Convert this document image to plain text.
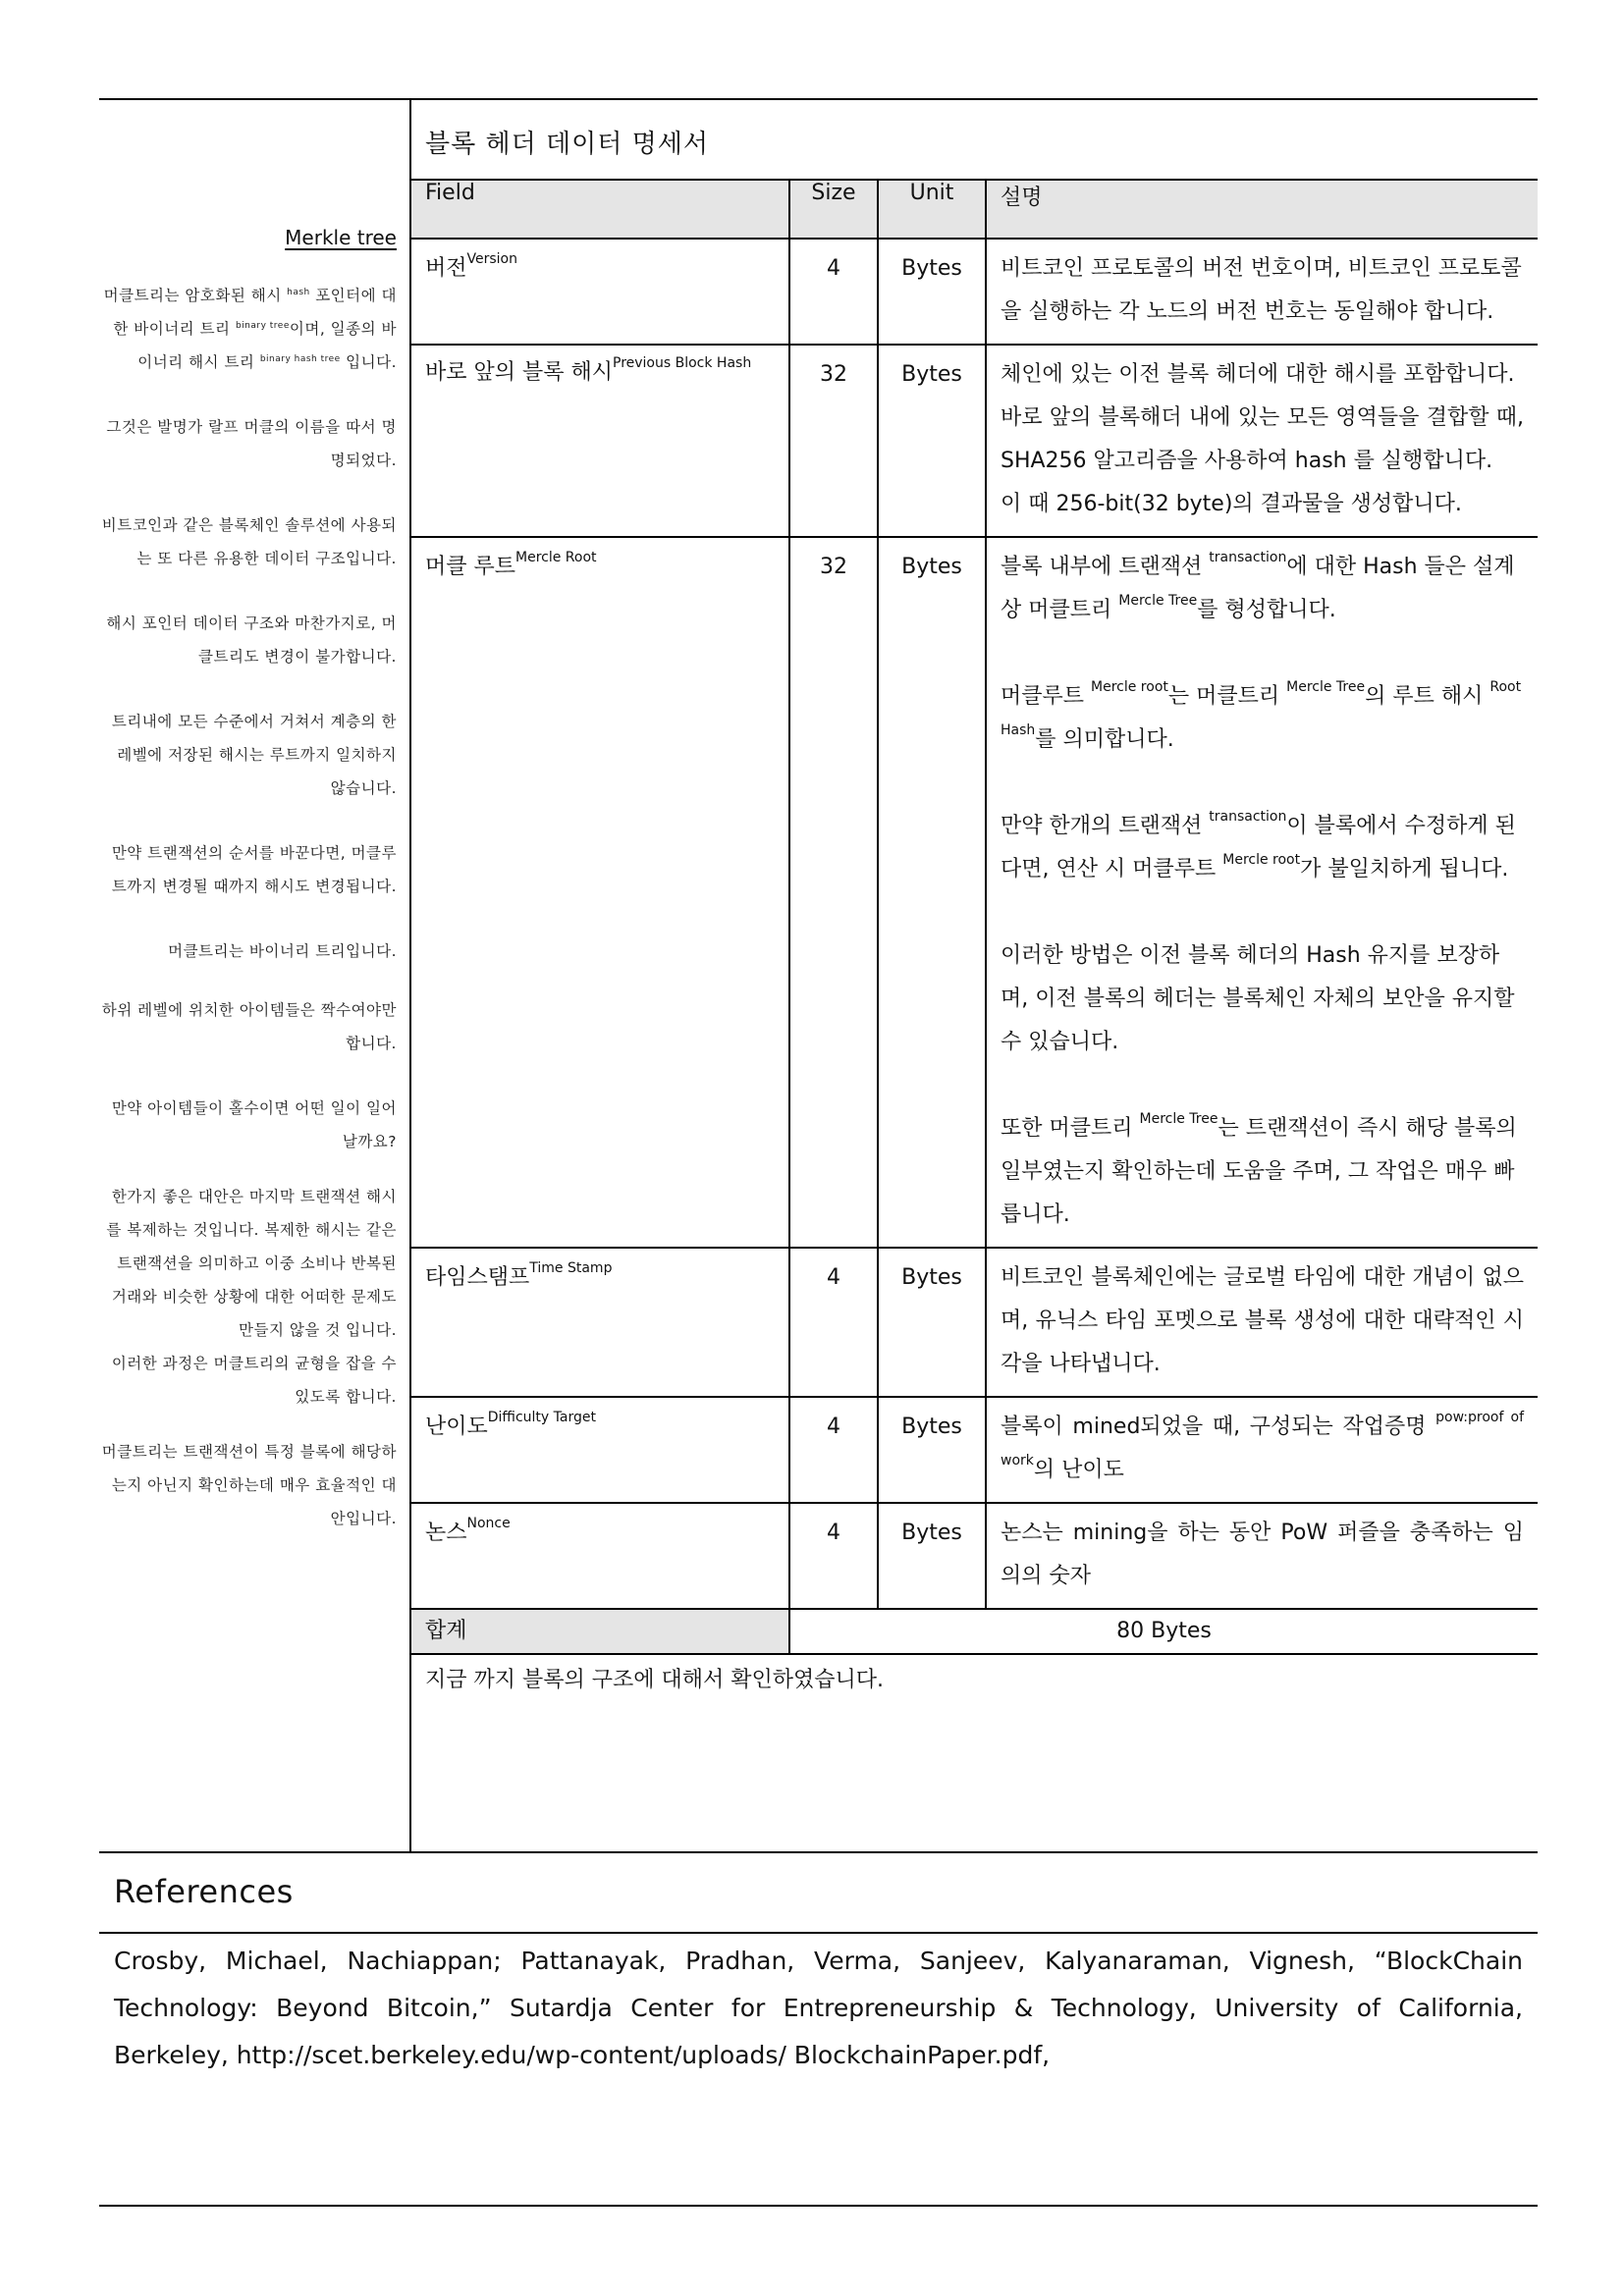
Merkle tree

머클트리는 암호화된 해시 $^{hash}$ 포인터에 대한 바이너리 트리 $^{binary tree}$이며, 일종의 바이너리 해시 트리 $^{binary hash tree}$ 입니다.

그것은 발명가 랄프 머클의 이름을 따서 명명되었다.

비트코인과 같은 블록체인 솔루션에 사용되는 또 다른 유용한 데이터 구조입니다.

해시 포인터 데이터 구조와 마찬가지로, 머클트리도 변경이 불가합니다.

트리내에 모든 수준에서 거쳐서 계층의 한 레벨에 저장된 해시는 루트까지 일치하지 않습니다.

만약 트랜잭션의 순서를 바꾼다면, 머클루트까지 변경될 때까지 해시도 변경됩니다.

머클트리는 바이너리 트리입니다.

하위 레벨에 위치한 아이템들은 짝수여야만 합니다.

만약 아이템들이 홀수이면 어떤 일이 일어날까요?

한가지 좋은 대안은 마지막 트랜잭션 해시를 복제하는 것입니다. 복제한 해시는 같은 트랜잭션을 의미하고 이중 소비나 반복된 거래와 비슷한 상황에 대한 어떠한 문제도 만들지 않을 것 입니다.

이러한 과정은 머클트리의 균형을 잡을 수 있도록 합니다.

머클트리는 트랜잭션이 특정 블록에 해당하는지 아닌지 확인하는데 매우 효율적인 대안입니다.

블록 헤더 데이터 명세서			

Field	Size	Unit	설명

버전$^{Version}$	4	Bytes	비트코인 프로토콜의 버전 번호이며, 비트코인 프로토콜을 실행하는 각 노드의 버전 번호는 동일해야 합니다.

바로 앞의 블록 해시$^{Previous Block Hash}$	32	Bytes	체인에 있는 이전 블록 헤더에 대한 해시를 포함합니다.

바로 앞의 블록해더 내에 있는 모든 영역들을 결합할 때, SHA256 알고리즘을 사용하여 hash 를 실행합니다.

이 때 256-bit(32 byte)의 결과물을 생성합니다.

머클 루트$^{Mercle Root}$	32	Bytes	블록 내부에 트랜잭션 $^{transaction}$에 대한 Hash 들은 설계상 머클트리 $^{Mercle Tree}$를 형성합니다.

머클루트 $^{Mercle root}$는 머클트리 $^{Mercle Tree}$의 루트 해시 $^{Root Hash}$를 의미합니다.

만약 한개의 트랜잭션 $^{transaction}$이 블록에서 수정하게 된다면, 연산 시 머클루트 $^{Mercle root}$가 불일치하게 됩니다.

이러한 방법은 이전 블록 헤더의 Hash 유지를 보장하며, 이전 블록의 헤더는 블록체인 자체의 보안을 유지할 수 있습니다.

또한 머클트리 $^{Mercle Tree}$는 트랜잭션이 즉시 해당 블록의 일부였는지 확인하는데 도움을 주며, 그 작업은 매우 빠릅니다.

타임스탬프$^{Time Stamp}$	4	Bytes	비트코인 블록체인에는 글로벌 타임에 대한 개념이 없으며, 유닉스 타임 포멧으로 블록 생성에 대한 대략적인 시각을 나타냅니다.

난이도$^{Difficulty Target}$	4	Bytes	블록이 mined되었을 때, 구성되는 작업증명 $^{pow:proof of work}$의 난이도

논스$^{Nonce}$	4	Bytes	논스는 mining을 하는 동안 PoW 퍼즐을 충족하는 임의의 숫자

합계	80 Bytes		

지금 까지 블록의 구조에 대해서 확인하였습니다.			
References
Crosby, Michael, Nachiappan; Pattanayak, Pradhan, Verma, Sanjeev, Kalyanaraman, Vignesh, “BlockChain Technology: Beyond Bitcoin,” Sutardja Center for Entrepreneurship & Technology, University of California, Berkeley, http://scet.berkeley.edu/wp-content/uploads/ BlockchainPaper.pdf,
